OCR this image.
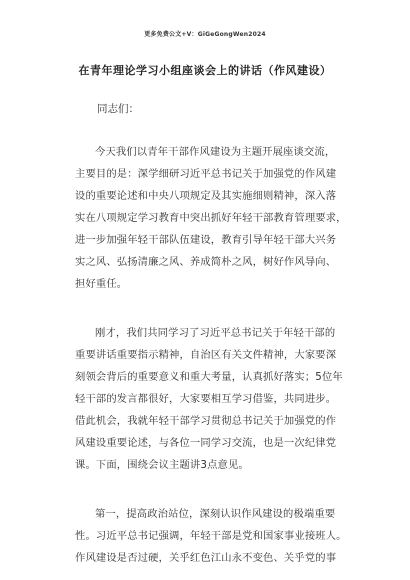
更多免费公文+V：GiGeGongWen2024
在青年理论学习小组座谈会上的讲话（作风建设）
同志们：
今天我们以青年干部作风建设为主题开展座谈交流，
主要目的是：深学细研习近平总书记关于加强党的作风建
设的重要论述和中央八项规定及其实施细则精神，深入落
实在八项规定学习教育中突出抓好年轻干部教育管理要求，
进一步加强年轻干部队伍建设，教育引导年轻干部大兴务
实之风、弘扬清廉之风、养成简朴之风，树好作风导向、
担好重任。
刚才，我们共同学习了习近平总书记关于年轻干部的
重要讲话重要指示精神，自治区有关文件精神，大家要深
刻领会背后的重要意义和重大考量，认真抓好落实；5位年
轻干部的发言都很好，大家要相互学习借鉴，共同进步。
借此机会，我就年轻干部学习贯彻总书记关于加强党的作
风建设重要论述，与各位一同学习交流，也是一次纪律党
课。下面，围绕会议主题讲3点意见。
第一，提高政治站位，深刻认识作风建设的极端重要
性。习近平总书记强调，年轻干部是党和国家事业接班人。
作风建设是否过硬，关乎红色江山永不变色、关乎党的事
